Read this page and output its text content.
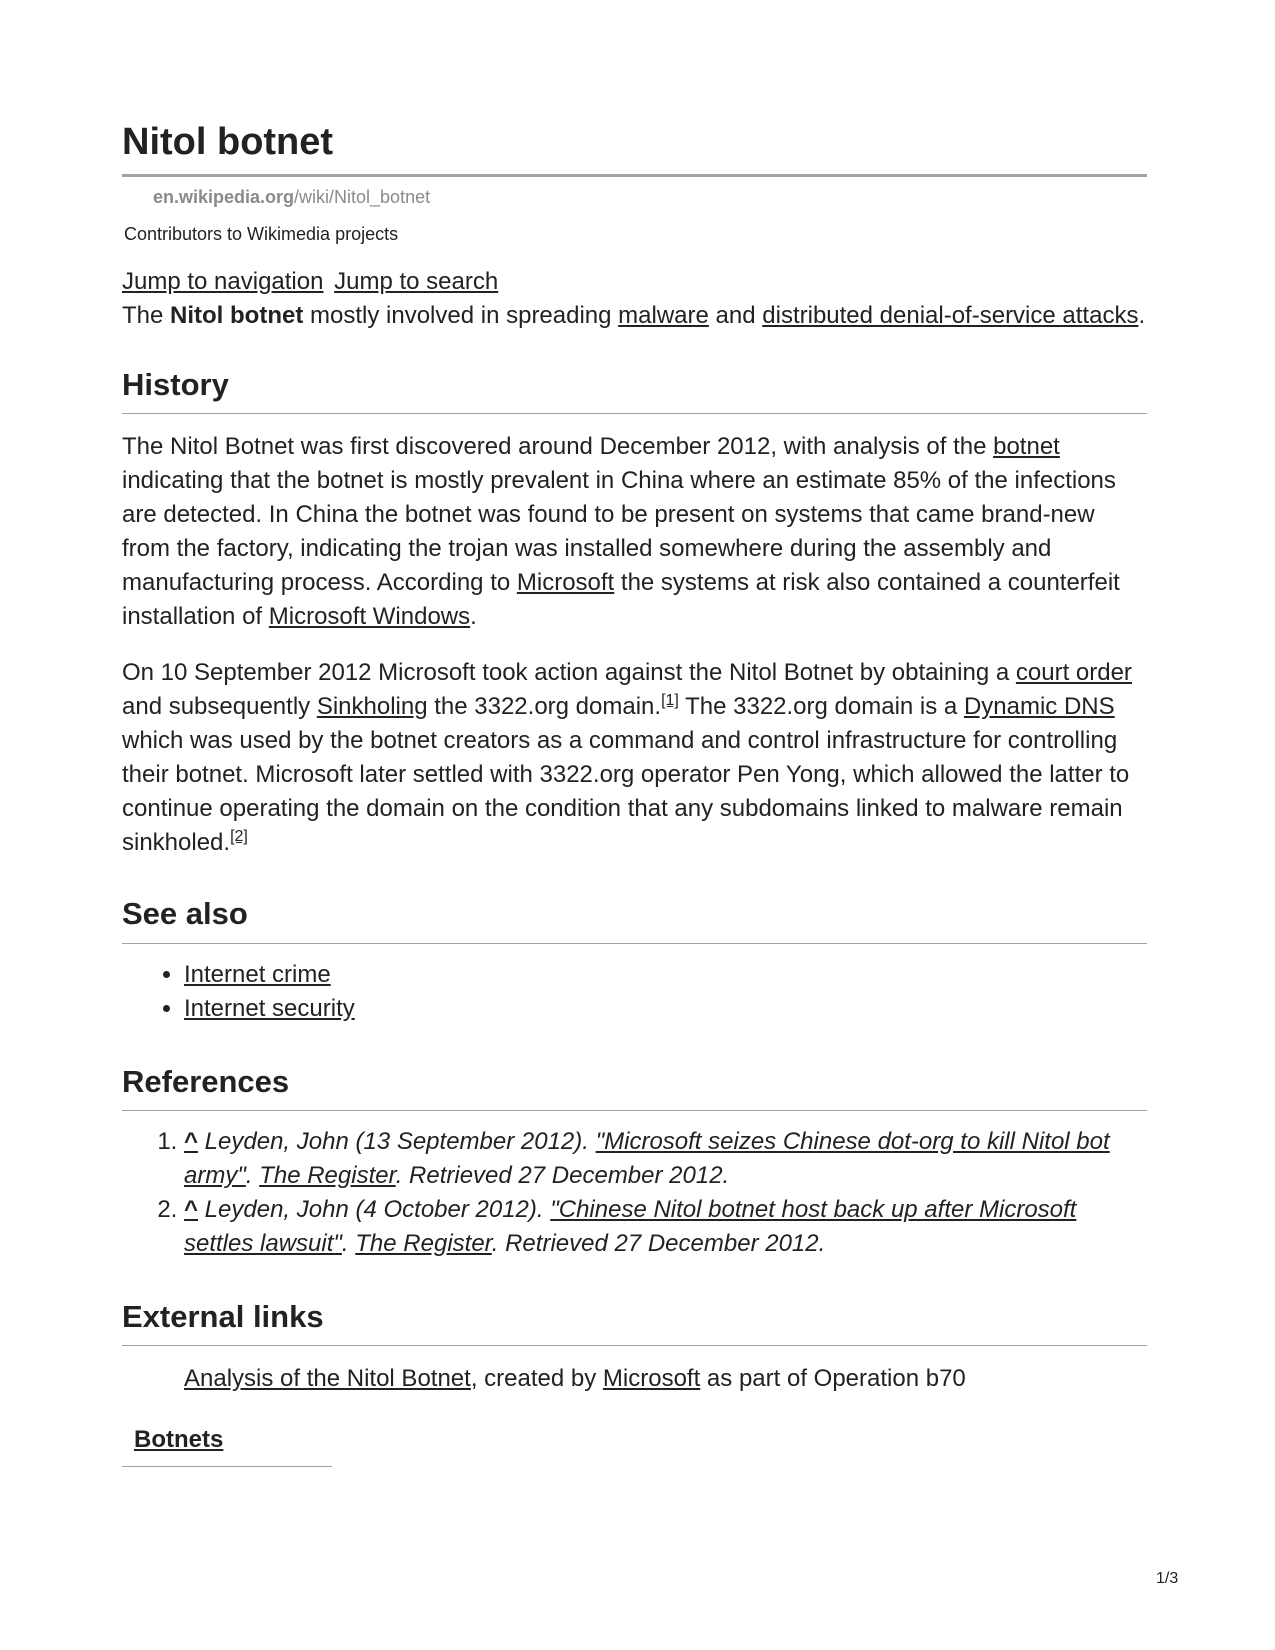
Nitol botnet
en.wikipedia.org/wiki/Nitol_botnet
Contributors to Wikimedia projects
Jump to navigation Jump to search

The Nitol botnet mostly involved in spreading malware and distributed denial-of-service attacks.

History

The Nitol Botnet was first discovered around December 2012, with analysis of the botnet indicating that the botnet is mostly prevalent in China where an estimate 85% of the infections are detected. In China the botnet was found to be present on systems that came brand-new from the factory, indicating the trojan was installed somewhere during the assembly and manufacturing process. According to Microsoft the systems at risk also contained a counterfeit installation of Microsoft Windows.

On 10 September 2012 Microsoft took action against the Nitol Botnet by obtaining a court order and subsequently Sinkholing the 3322.org domain.[1] The 3322.org domain is a Dynamic DNS which was used by the botnet creators as a command and control infrastructure for controlling their botnet. Microsoft later settled with 3322.org operator Pen Yong, which allowed the latter to continue operating the domain on the condition that any subdomains linked to malware remain sinkholed.[2]

See also
• Internet crime
• Internet security
References
1. ^ Leyden, John (13 September 2012). "Microsoft seizes Chinese dot-org to kill Nitol bot army". The Register. Retrieved 27 December 2012.
2. ^ Leyden, John (4 October 2012). "Chinese Nitol botnet host back up after Microsoft settles lawsuit". The Register. Retrieved 27 December 2012.
External links
Analysis of the Nitol Botnet, created by Microsoft as part of Operation b70
Botnets
1/3
